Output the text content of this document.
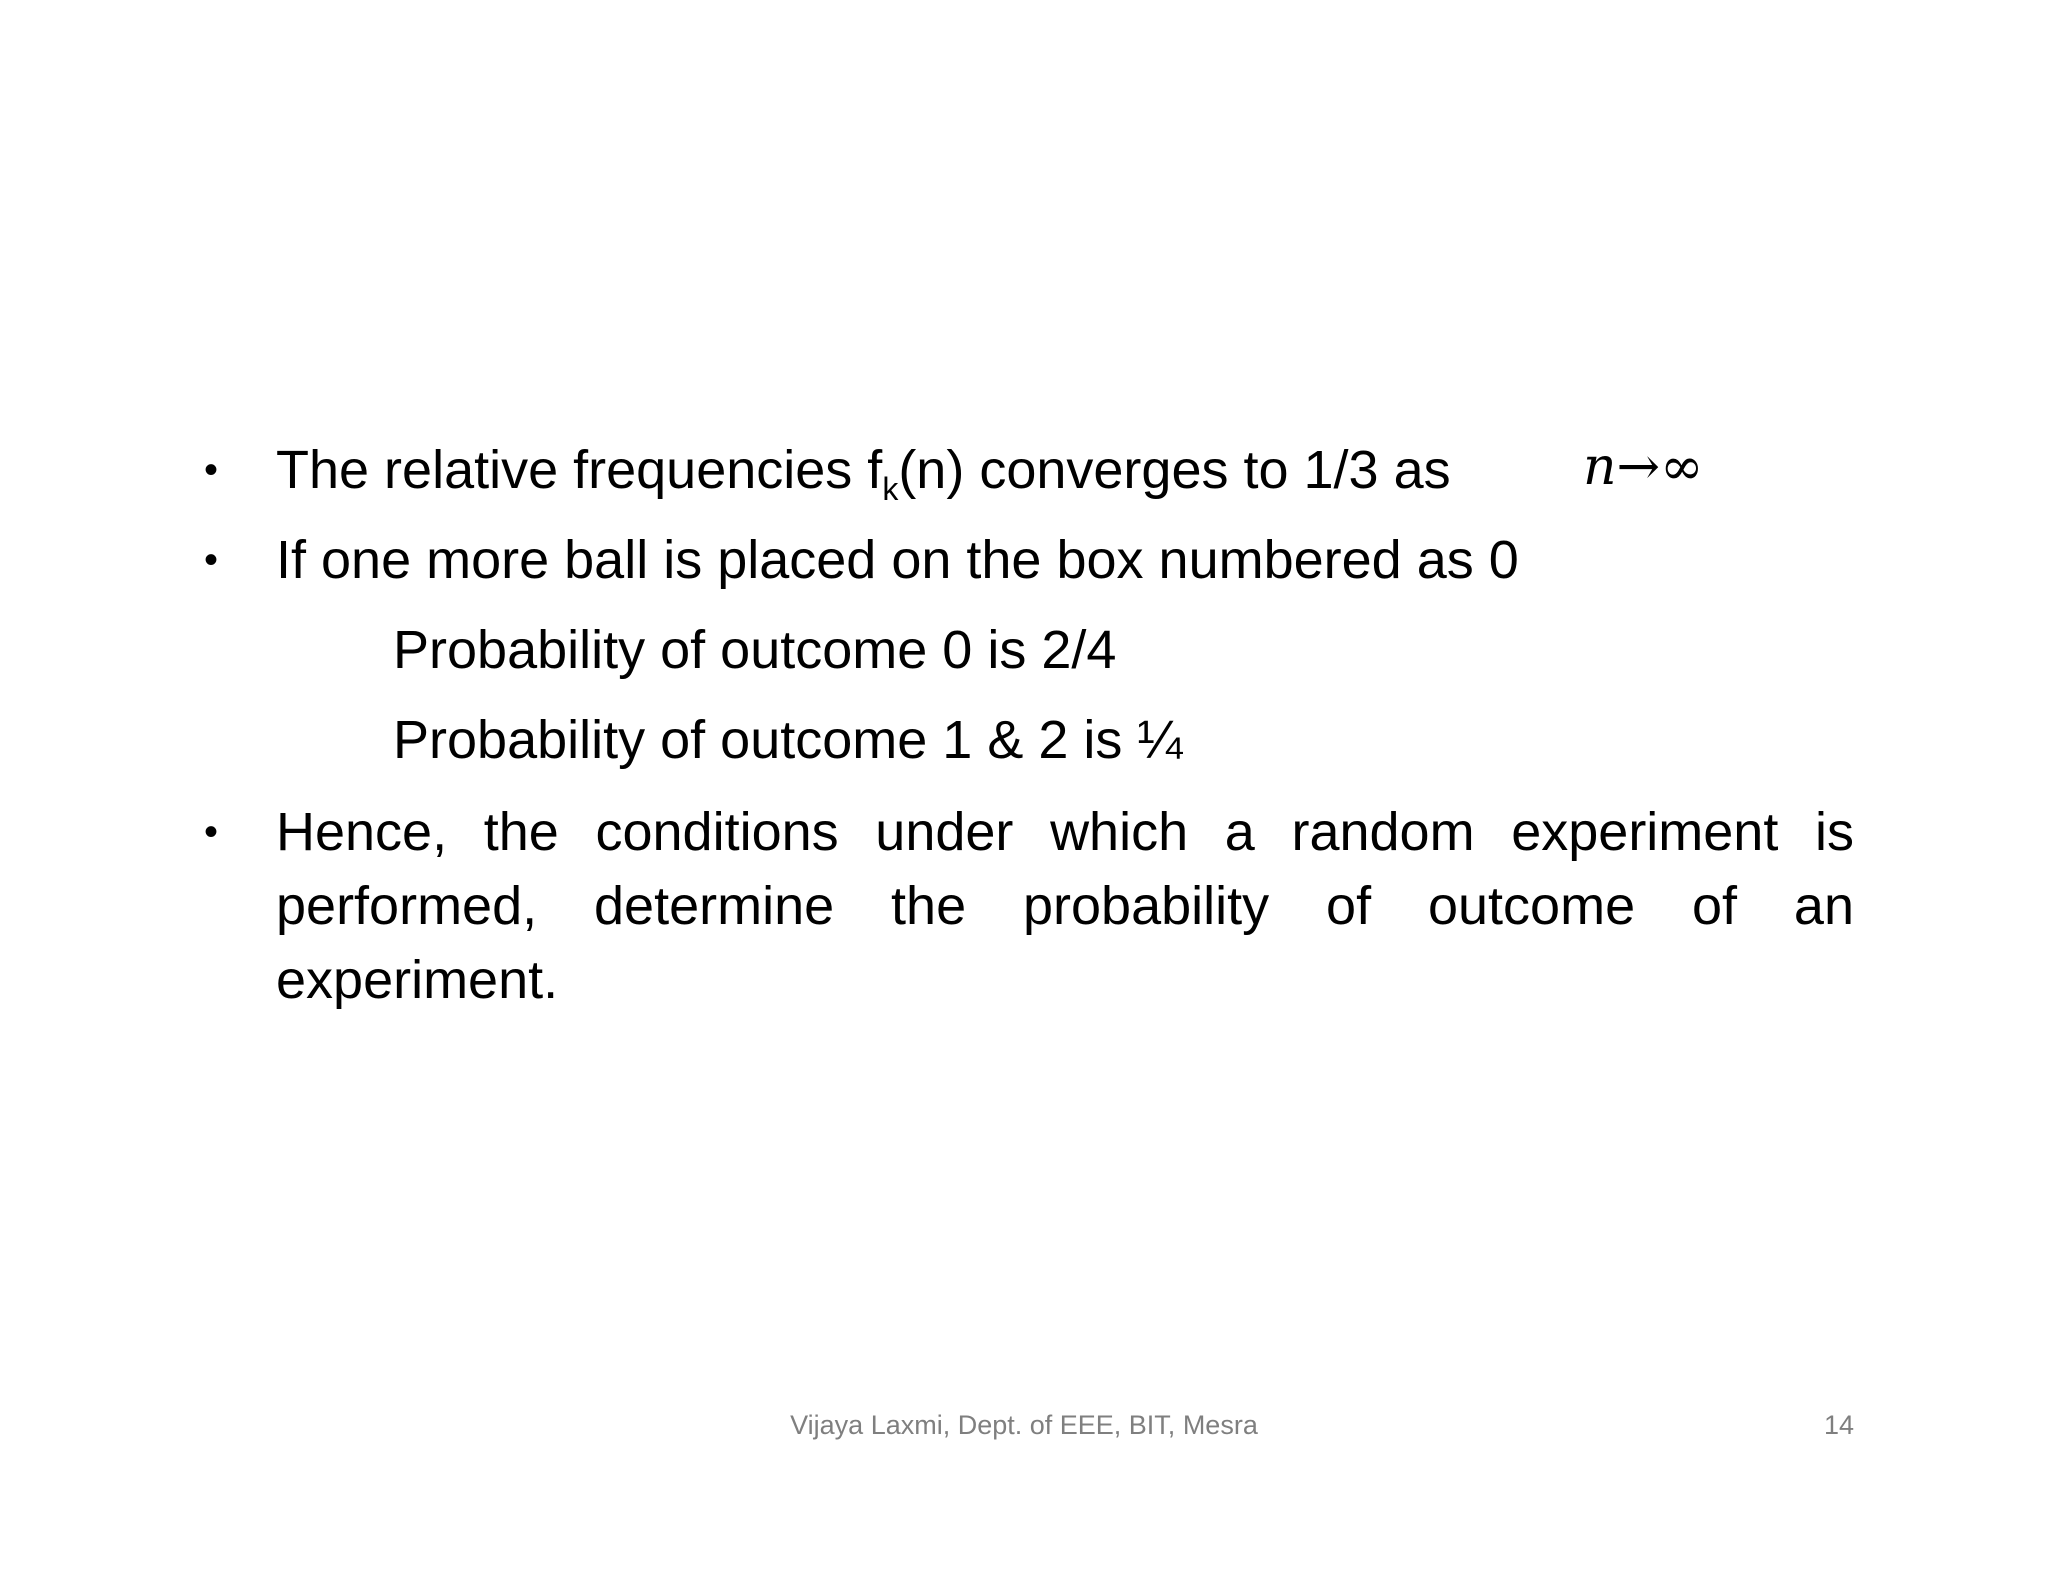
•	The relative frequencies $f_k(n)$ converges to 1/3 as	n→∞
•	If one more ball is placed on the box numbered as 0
Probability of outcome 0 is 2/4
Probability of outcome 1 & 2 is ¼
• Hence, the conditions under which a random experiment is performed, determine the probability of outcome of an experiment.
Vijaya Laxmi, Dept. of EEE, BIT, Mesra	14
